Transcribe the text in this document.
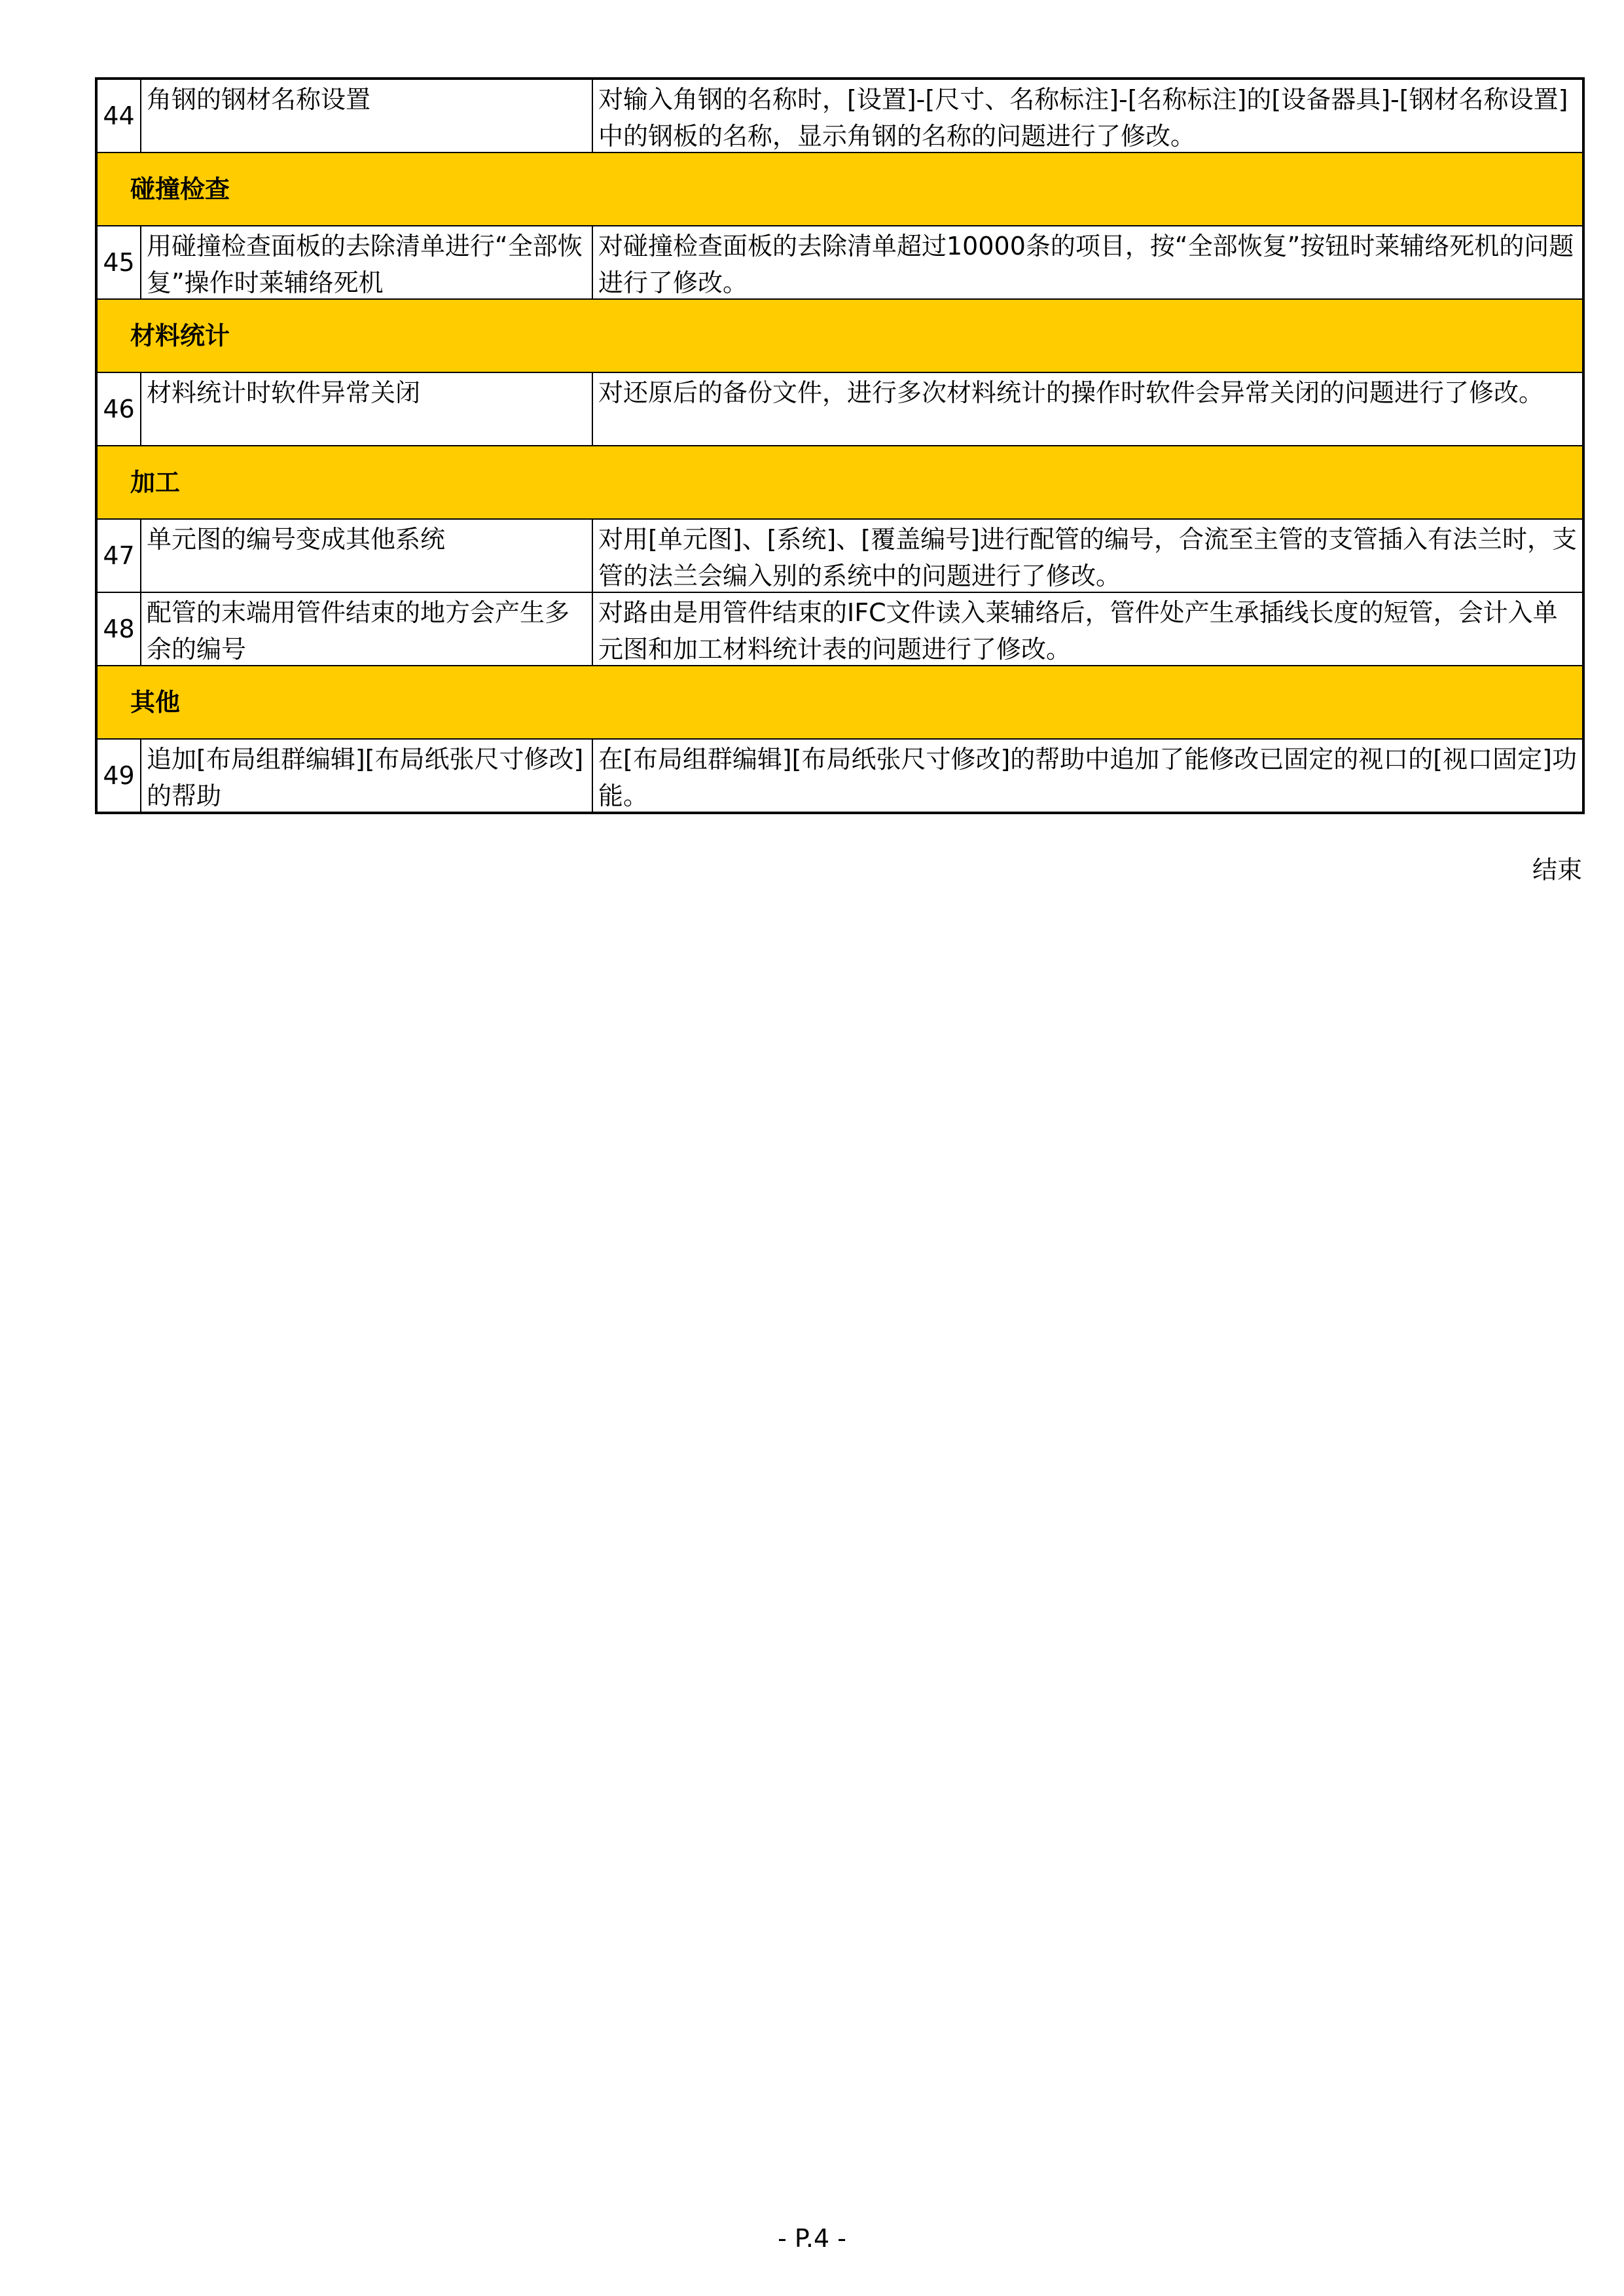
44	角钢的钢材名称设置	对输入角钢的名称时，[设置]-[尺寸、名称标注]-[名称标注]的[设备器具]-[钢材名称设置]中的钢板的名称，显示角钢的名称的问题进行了修改。

碰撞检查		
45	用碰撞检查面板的去除清单进行“全部恢复”操作时莱辅络死机	对碰撞检查面板的去除清单超过10000条的项目，按“全部恢复”按钮时莱辅络死机的问题进行了修改。

材料统计		
46	材料统计时软件异常关闭	对还原后的备份文件，进行多次材料统计的操作时软件会异常关闭的问题进行了修改。

加工		
47	单元图的编号变成其他系统	对用[单元图]、[系统]、[覆盖编号]进行配管的编号，合流至主管的支管插入有法兰时，支管的法兰会编入别的系统中的问题进行了修改。

48	配管的末端用管件结束的地方会产生多余的编号	对路由是用管件结束的IFC文件读入莱辅络后，管件处产生承插线长度的短管，会计入单元图和加工材料统计表的问题进行了修改。

其他		
49	追加[布局组群编辑][布局纸张尺寸修改]的帮助	在[布局组群编辑][布局纸张尺寸修改]的帮助中追加了能修改已固定的视口的[视口固定]功能。
结束
- P.4 -
